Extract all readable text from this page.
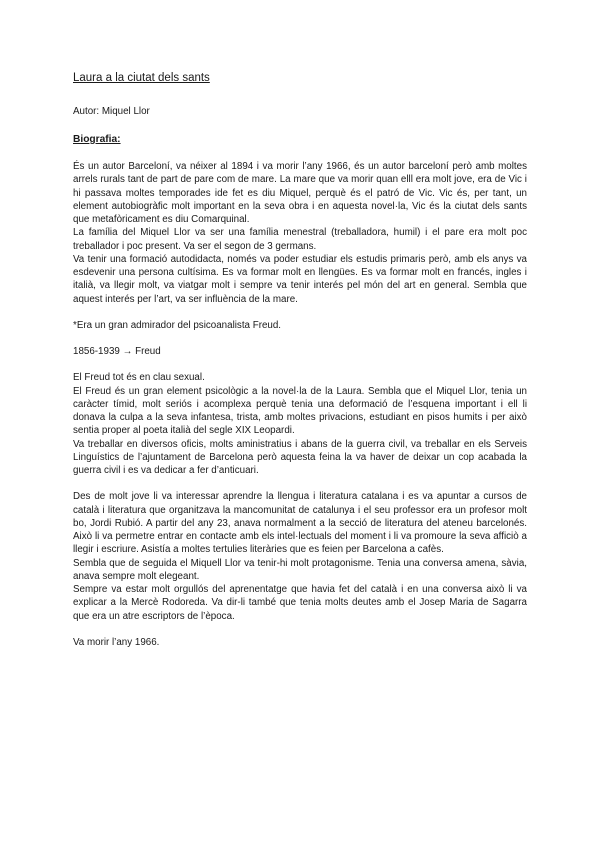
Laura a la ciutat dels sants

Autor: Miquel Llor

Biografia:

És un autor Barceloní, va néixer al 1894 i va morir l’any 1966, és un autor barceloní però amb moltes arrels rurals tant de part de pare com de mare. La mare que va morir quan elll era molt jove, era de Vic i hi passava moltes temporades ide fet es diu Miquel, perquè és el patró de Vic. Vic és, per tant, un element autobiogràfic molt important en la seva obra i en aquesta novel·la, Vic és la ciutat dels sants que metafòricament es diu Comarquinal.

La família del Miquel Llor va ser una família menestral (treballadora, humil) i el pare era molt poc treballador i poc present. Va ser el segon de 3 germans.

Va tenir una formació autodidacta, només va poder estudiar els estudis primaris però, amb els anys va esdevenir una persona cultísima. Es va formar molt en llengües. Es va formar molt en francés, ingles i italià, va llegir molt, va viatgar molt i sempre va tenir interés pel món del art en general. Sembla que aquest interés per l’art, va ser influència de la mare.

*Era un gran admirador del psicoanalista Freud.

1856-1939 → Freud

El Freud tot és en clau sexual.

El Freud és un gran element psicològic a la novel·la de la Laura. Sembla que el Miquel Llor, tenia un caràcter tímid, molt seriós i acomplexa perquè tenia una deformació de l’esquena important i ell li donava la culpa a la seva infantesa, trista, amb moltes privacions, estudiant en pisos humits i per això sentia proper al poeta italià del segle XIX Leopardi.

Va treballar en diversos oficis, molts aministratius i abans de la guerra civil, va treballar en els Serveis Linguístics de l’ajuntament de Barcelona però aquesta feina la va haver de deixar un cop acabada la guerra civil i es va dedicar a fer d’anticuari.

Des de molt jove li va interessar aprendre la llengua i literatura catalana i es va apuntar a cursos de català i literatura que organitzava la mancomunitat de catalunya i el seu professor era un profesor molt bo, Jordi Rubió. A partir del any 23, anava normalment a la secció de literatura del ateneu barcelonés. Això li va permetre entrar en contacte amb els intel·lectuals del moment i li va promoure la seva afficiò a llegir i escriure. Asistía a moltes tertulies literàries que es feien per Barcelona a cafès.

Sembla que de seguida el Miquell Llor va tenir-hi molt protagonisme. Tenia una conversa amena, sàvia, anava sempre molt elegeant.

Sempre va estar molt orgullós del aprenentatge que havia fet del català i en una conversa això li va explicar a la Mercè Rodoreda. Va dir-li també que tenia molts deutes amb el Josep Maria de Sagarra que era un atre escriptors de l’època.

Va morir l’any 1966.
